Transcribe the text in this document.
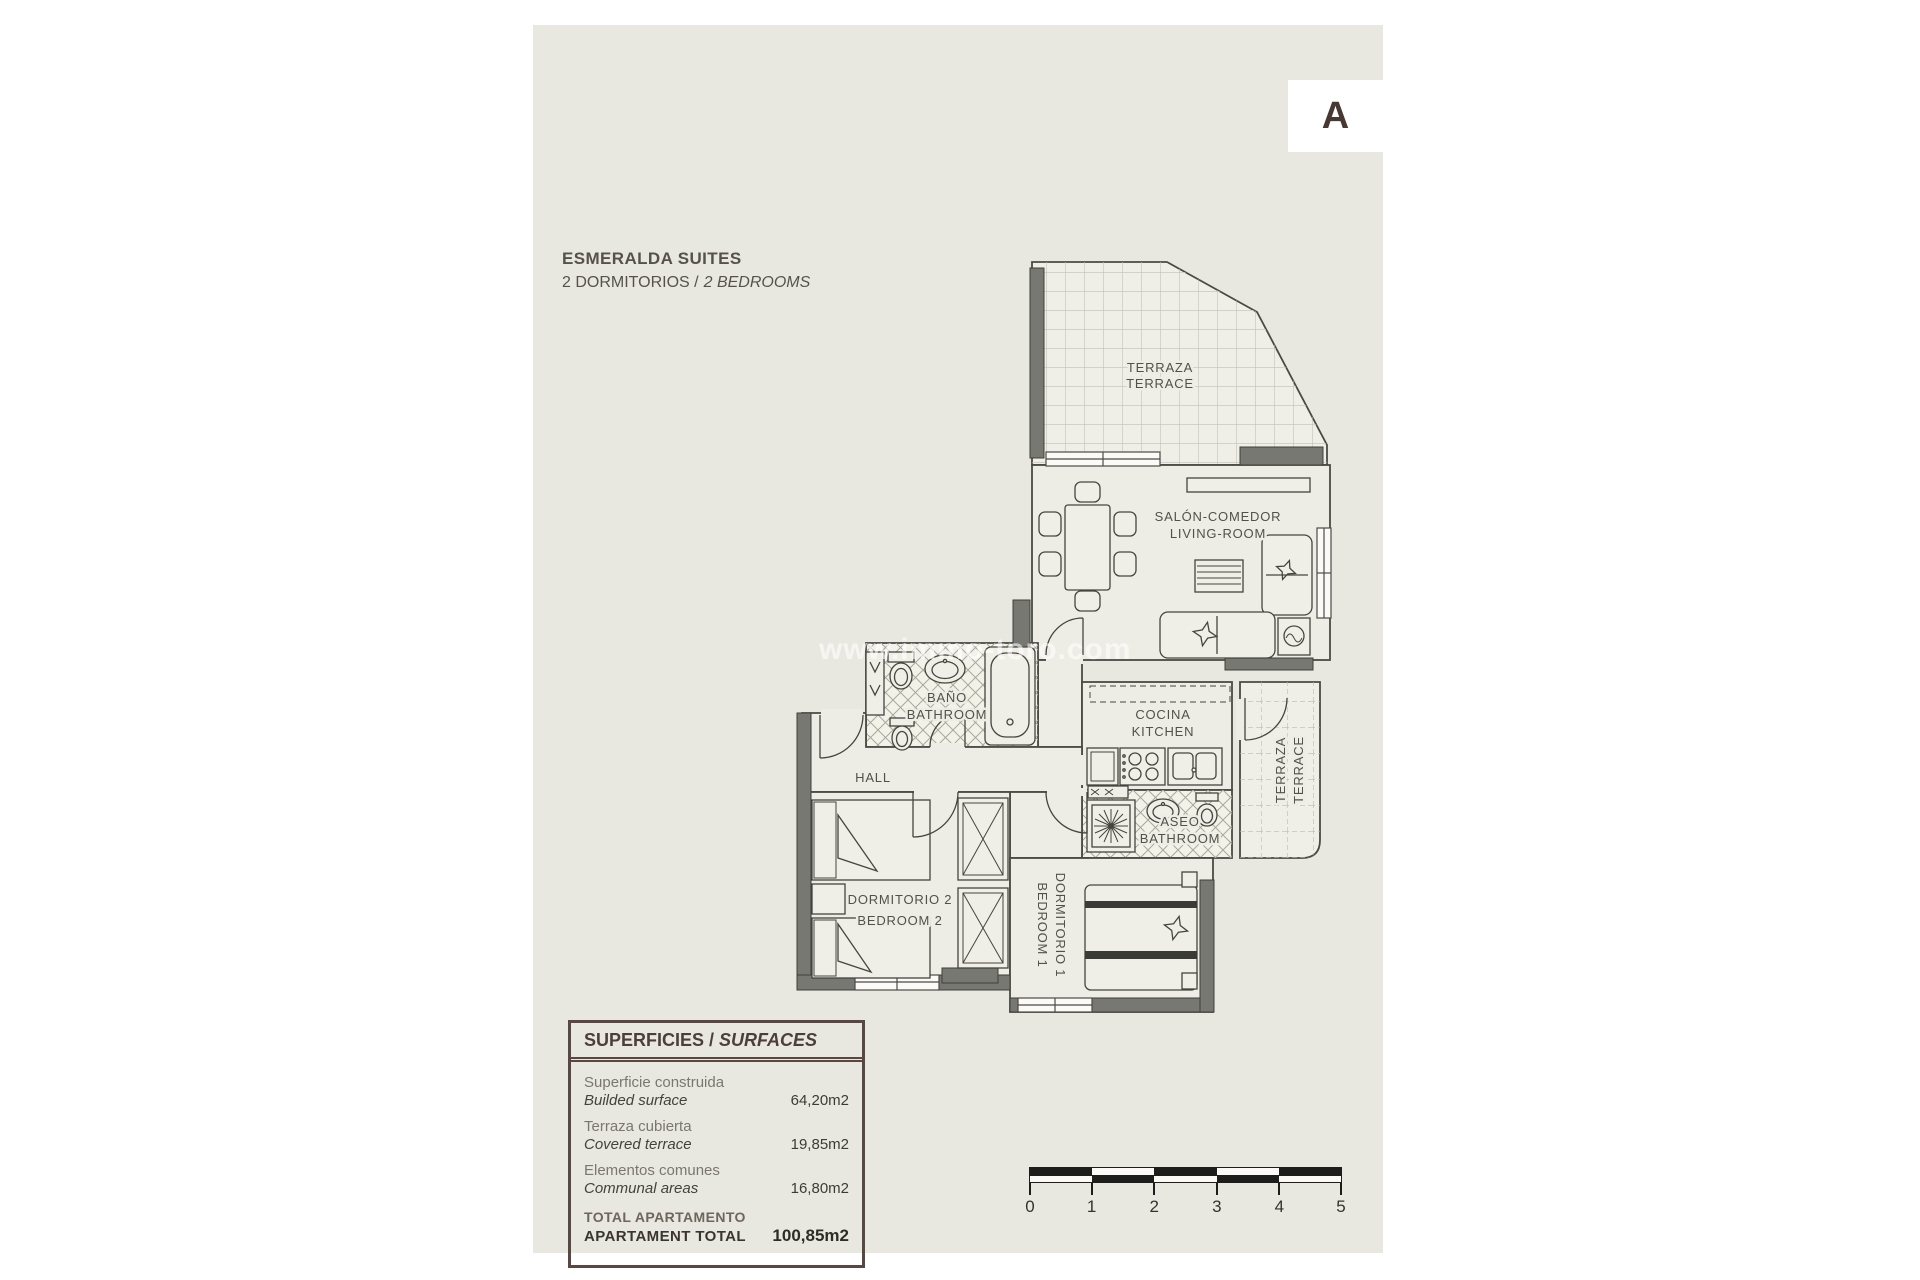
TERRAZA
TERRACE
SALÓN-COMEDOR
LIVING-ROOM
BAÑO
BATHROOM	COCINA
KITCHEN
ASEO
BATHROOM
HALL
DORMITORIO 2
BEDROOM 2	DORMITORIO 1
BEDROOM 1
TERRAZA TERRACE
A
ESMERALDA SUITES
2 DORMITORIOS / 2 BEDROOMS
www.immo-toro.com
SUPERFICIES / SURFACES
Superficie construida
Builded surface	64,20m2
Terraza cubierta
Covered terrace	19,85m2
Elementos comunes
Communal areas	16,80m2
TOTAL APARTAMENTO
APARTAMENT TOTAL 100,85m2
0	1	2	3	4	5
